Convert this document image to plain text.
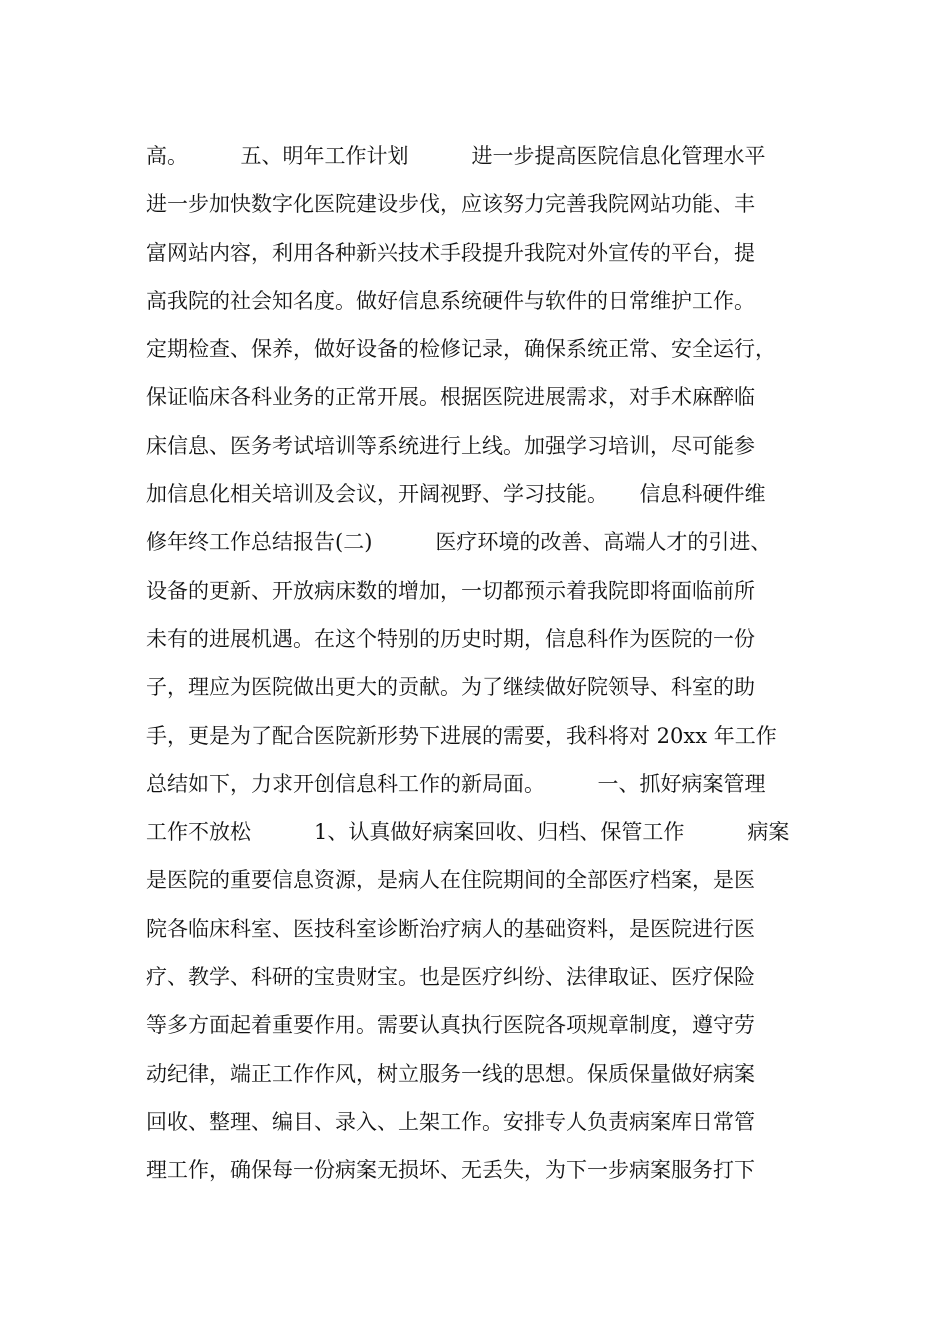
高。　　　五、明年工作计划　　　进一步提高医院信息化管理水平
进一步加快数字化医院建设步伐，应该努力完善我院网站功能、丰
富网站内容，利用各种新兴技术手段提升我院对外宣传的平台，提
高我院的社会知名度。做好信息系统硬件与软件的日常维护工作。
定期检查、保养，做好设备的检修记录，确保系统正常、安全运行，
保证临床各科业务的正常开展。根据医院进展需求，对手术麻醉临
床信息、医务考试培训等系统进行上线。加强学习培训，尽可能参
加信息化相关培训及会议，开阔视野、学习技能。　　信息科硬件维
修年终工作总结报告(二)　　　医疗环境的改善、高端人才的引进、
设备的更新、开放病床数的增加，一切都预示着我院即将面临前所
未有的进展机遇。在这个特别的历史时期，信息科作为医院的一份
子，理应为医院做出更大的贡献。为了继续做好院领导、科室的助
手，更是为了配合医院新形势下进展的需要，我科将对 20xx 年工作
总结如下，力求开创信息科工作的新局面。　　　一、抓好病案管理
工作不放松　　　1、认真做好病案回收、归档、保管工作　　　病案
是医院的重要信息资源，是病人在住院期间的全部医疗档案，是医
院各临床科室、医技科室诊断治疗病人的基础资料，是医院进行医
疗、教学、科研的宝贵财宝。也是医疗纠纷、法律取证、医疗保险
等多方面起着重要作用。需要认真执行医院各项规章制度，遵守劳
动纪律，端正工作作风，树立服务一线的思想。保质保量做好病案
回收、整理、编目、录入、上架工作。安排专人负责病案库日常管
理工作，确保每一份病案无损坏、无丢失，为下一步病案服务打下
